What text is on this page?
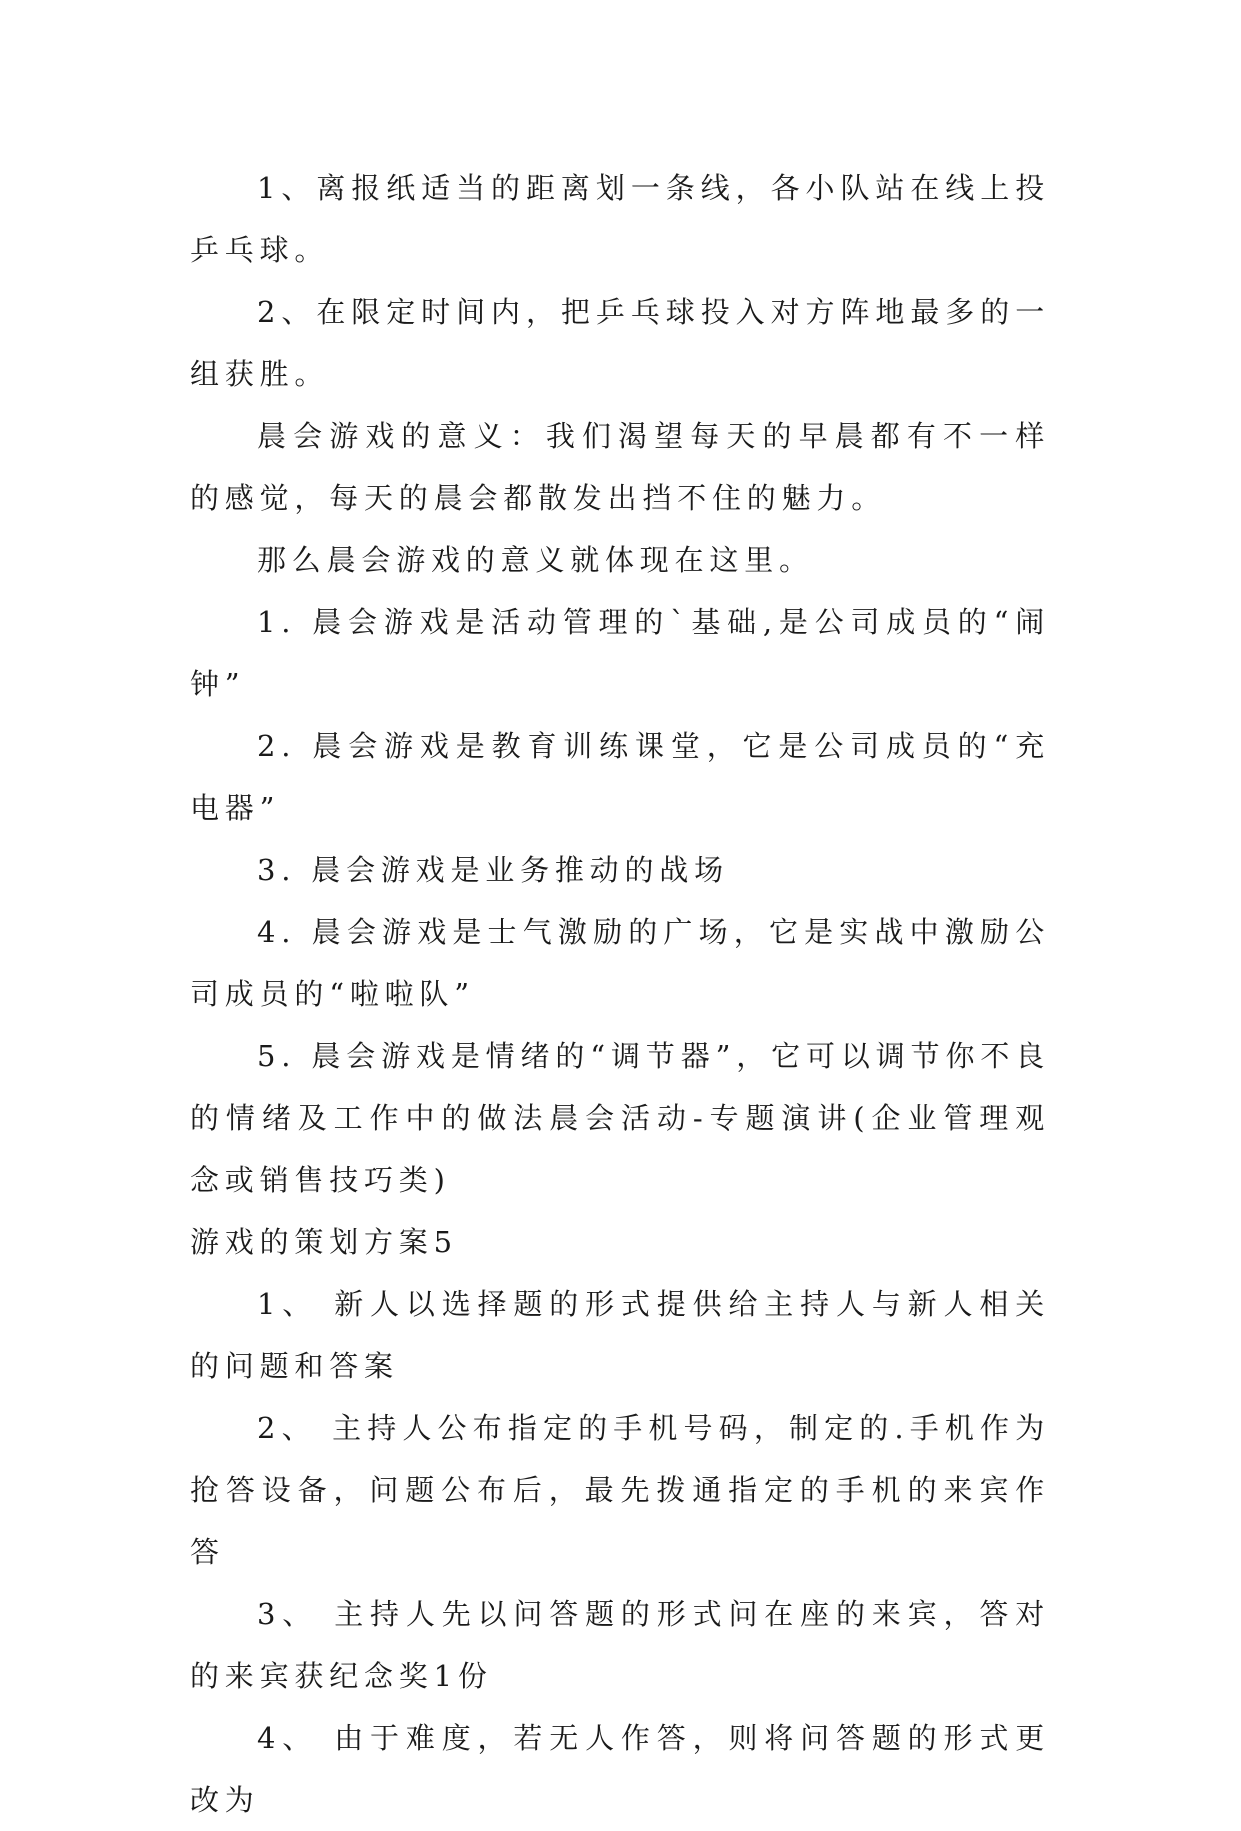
1、离报纸适当的距离划一条线，各小队站在线上投乒乓球。

2、在限定时间内，把乒乓球投入对方阵地最多的一组获胜。

晨会游戏的意义：我们渴望每天的早晨都有不一样的感觉，每天的晨会都散发出挡不住的魅力。

那么晨会游戏的意义就体现在这里。

1. 晨会游戏是活动管理的`基础,是公司成员的“闹钟”

2. 晨会游戏是教育训练课堂，它是公司成员的“充电器”

3. 晨会游戏是业务推动的战场

4. 晨会游戏是士气激励的广场，它是实战中激励公司成员的“啦啦队”

5. 晨会游戏是情绪的“调节器”，它可以调节你不良的情绪及工作中的做法晨会活动-专题演讲(企业管理观念或销售技巧类)

游戏的策划方案5

1、 新人以选择题的形式提供给主持人与新人相关的问题和答案

2、 主持人公布指定的手机号码，制定的.手机作为抢答设备，问题公布后，最先拨通指定的手机的来宾作答

3、 主持人先以问答题的形式问在座的来宾，答对的来宾获纪念奖1份

4、 由于难度，若无人作答，则将问答题的形式更改为
